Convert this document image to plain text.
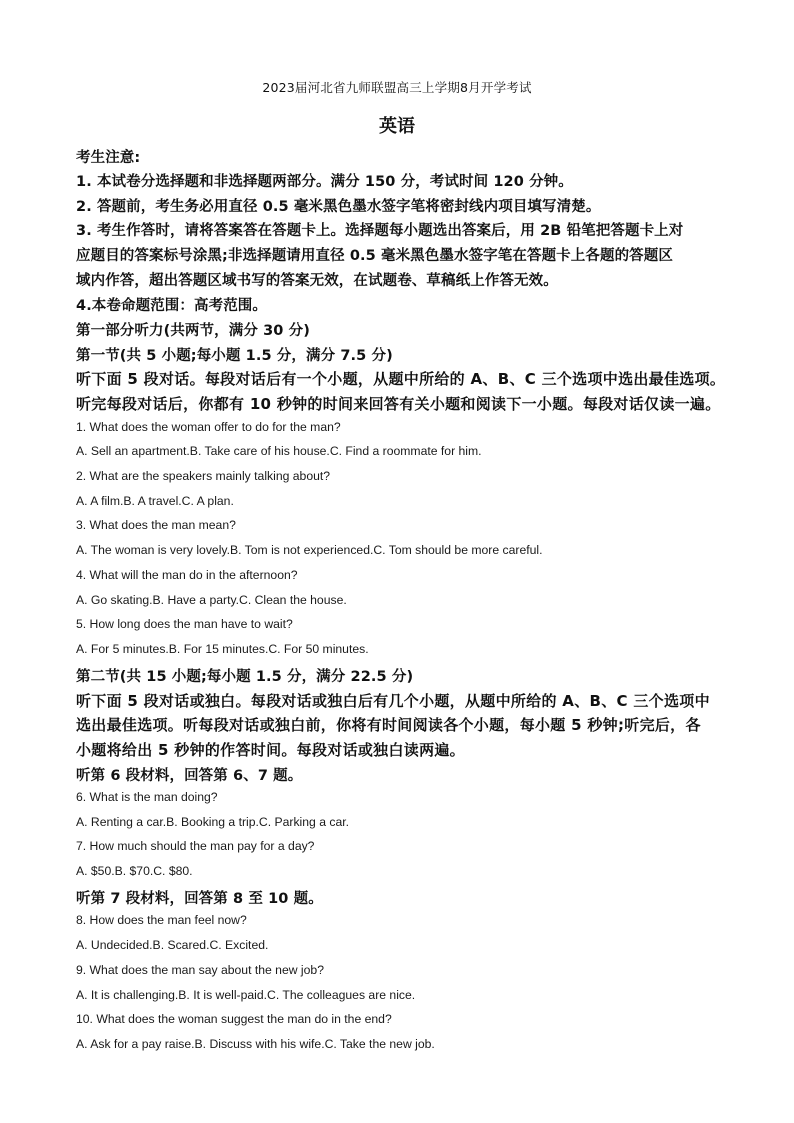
2023届河北省九师联盟高三上学期8月开学考试
英语
考生注意:
1. 本试卷分选择题和非选择题两部分。满分 150 分，考试时间 120 分钟。
2. 答题前，考生务必用直径 0.5 毫米黑色墨水签字笔将密封线内项目填写清楚。
3. 考生作答时，请将答案答在答题卡上。选择题每小题选出答案后，用 2B 铅笔把答题卡上对
应题目的答案标号涂黑;非选择题请用直径 0.5 毫米黑色墨水签字笔在答题卡上各题的答题区
域内作答，超出答题区域书写的答案无效，在试题卷、草稿纸上作答无效。
4.本卷命题范围：高考范围。
第一部分听力(共两节，满分 30 分)
第一节(共 5 小题;每小题 1.5 分，满分 7.5 分)
听下面 5 段对话。每段对话后有一个小题，从题中所给的 A、B、C 三个选项中选出最佳选项。
听完每段对话后，你都有 10 秒钟的时间来回答有关小题和阅读下一小题。每段对话仅读一遍。
1. What does the woman offer to do for the man?
A. Sell an apartment.B. Take care of his house.C. Find a roommate for him.
2. What are the speakers mainly talking about?
A. A film.B. A travel.C. A plan.
3. What does the man mean?
A. The woman is very lovely.B. Tom is not experienced.C. Tom should be more careful.
4. What will the man do in the afternoon?
A. Go skating.B. Have a party.C. Clean the house.
5. How long does the man have to wait?
A. For 5 minutes.B. For 15 minutes.C. For 50 minutes.
第二节(共 15 小题;每小题 1.5 分，满分 22.5 分)
听下面 5 段对话或独白。每段对话或独白后有几个小题，从题中所给的 A、B、C 三个选项中
选出最佳选项。听每段对话或独白前，你将有时间阅读各个小题，每小题 5 秒钟;听完后，各
小题将给出 5 秒钟的作答时间。每段对话或独白读两遍。
听第 6 段材料，回答第 6、7 题。
6. What is the man doing?
A. Renting a car.B. Booking a trip.C. Parking a car.
7. How much should the man pay for a day?
A. $50.B. $70.C. $80.
听第 7 段材料，回答第 8 至 10 题。
8. How does the man feel now?
A. Undecided.B. Scared.C. Excited.
9. What does the man say about the new job?
A. It is challenging.B. It is well-paid.C. The colleagues are nice.
10. What does the woman suggest the man do in the end?
A. Ask for a pay raise.B. Discuss with his wife.C. Take the new job.
